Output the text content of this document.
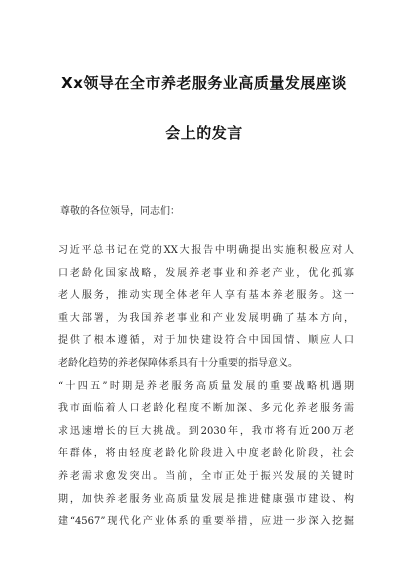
Xx领导在全市养老服务业高质量发展座谈
会上的发言

尊敬的各位领导，同志们：

习近平总书记在党的XX大报告中明确提出实施积极应对人
口老龄化国家战略，发展养老事业和养老产业，优化孤寡
老人服务，推动实现全体老年人享有基本养老服务。这一
重大部署，为我国养老事业和产业发展明确了基本方向，
提供了根本遵循，对于加快建设符合中国国情、顺应人口
老龄化趋势的养老保障体系具有十分重要的指导意义。
“十四五”时期是养老服务高质量发展的重要战略机遇期
我市面临着人口老龄化程度不断加深、多元化养老服务需
求迅速增长的巨大挑战。到2030年，我市将有近200万老
年群体，将由轻度老龄化阶段进入中度老龄化阶段，社会
养老需求愈发突出。当前，全市正处于振兴发展的关键时
期，加快养老服务业高质量发展是推进健康强市建设、构
建“4567”现代化产业体系的重要举措，应进一步深入挖掘
